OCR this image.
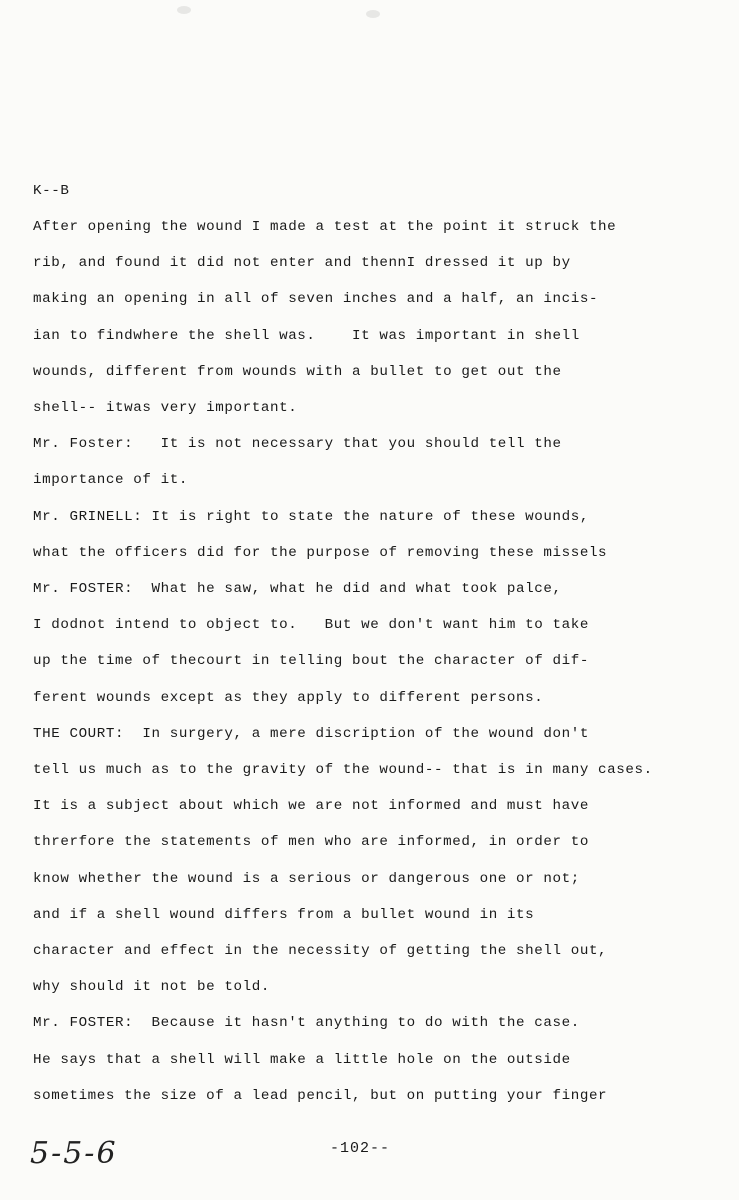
K--B
After opening the wound I made a test at the point it struck the
rib, and found it did not enter and thennI dressed it up by
making an opening in all of seven inches and a half, an incis-
ian to findwhere the shell was.    It was important in shell
wounds, different from wounds with a bullet to get out the
shell-- itwas very important.
Mr. Foster:   It is not necessary that you should tell the
importance of it.
Mr. GRINELL: It is right to state the nature of these wounds,
what the officers did for the purpose of removing these missels
Mr. FOSTER:  What he saw, what he did and what took palce,
I dodnot intend to object to.   But we don't want him to take
up the time of thecourt in telling bout the character of dif-
ferent wounds except as they apply to different persons.
THE COURT:  In surgery, a mere discription of the wound don't
tell us much as to the gravity of the wound-- that is in many cases.
It is a subject about which we are not informed and must have
threrfore the statements of men who are informed, in order to
know whether the wound is a serious or dangerous one or not;
and if a shell wound differs from a bullet wound in its
character and effect in the necessity of getting the shell out,
why should it not be told.
Mr. FOSTER:  Because it hasn't anything to do with the case.
He says that a shell will make a little hole on the outside
sometimes the size of a lead pencil, but on putting your finger
5-5-6	-102--
